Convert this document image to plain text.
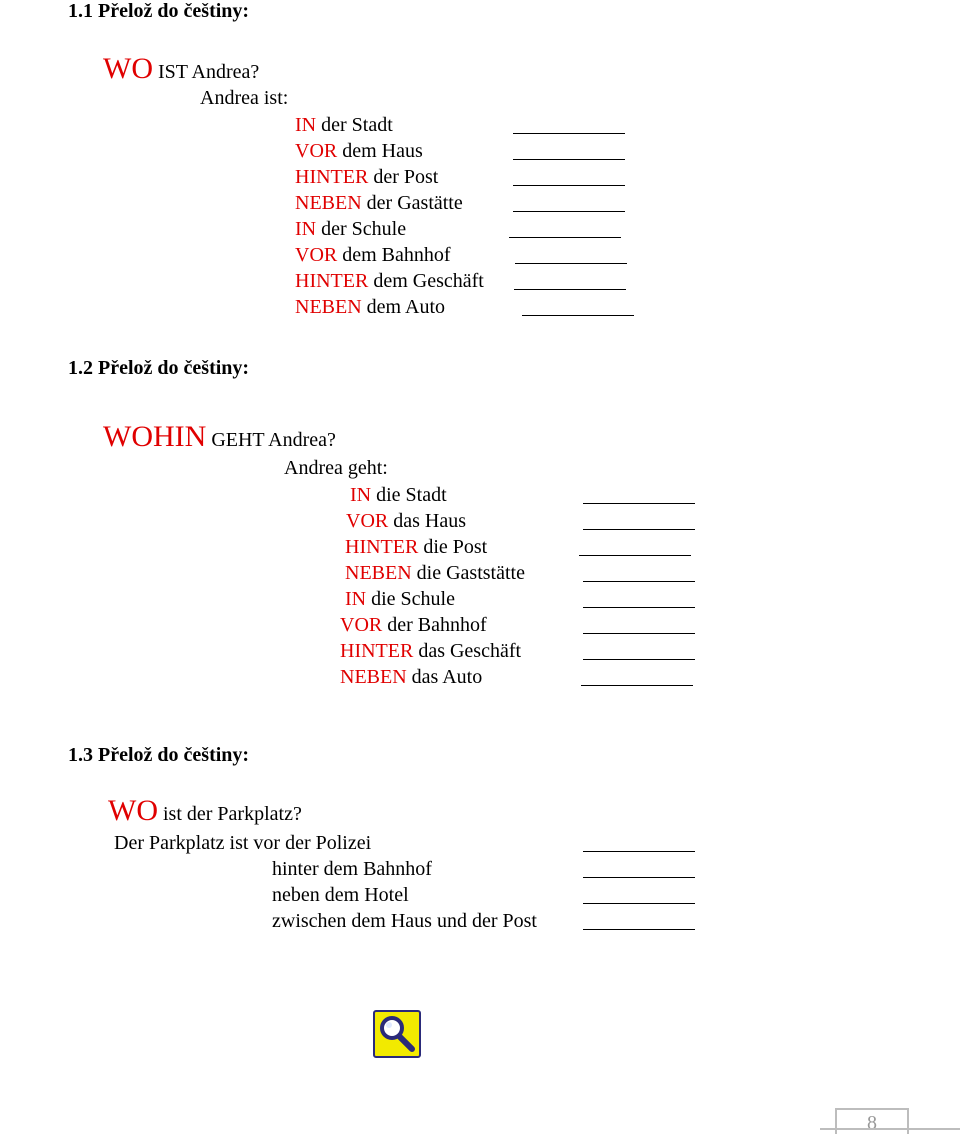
1.1 Přelož do češtiny:
WO IST Andrea?
Andrea ist:
IN der Stadt
VOR dem Haus
HINTER der Post
NEBEN der Gastätte
IN der Schule
VOR dem Bahnhof
HINTER dem Geschäft
NEBEN dem Auto
1.2 Přelož do češtiny:
WOHIN GEHT Andrea?
Andrea geht:
IN die Stadt
VOR das Haus
HINTER die Post
NEBEN die Gaststätte
IN die Schule
VOR der Bahnhof
HINTER das Geschäft
NEBEN das Auto
1.3 Přelož do češtiny:
WO ist der Parkplatz?
Der Parkplatz ist vor der Polizei
hinter dem Bahnhof
neben dem Hotel
zwischen dem Haus und der Post
8
